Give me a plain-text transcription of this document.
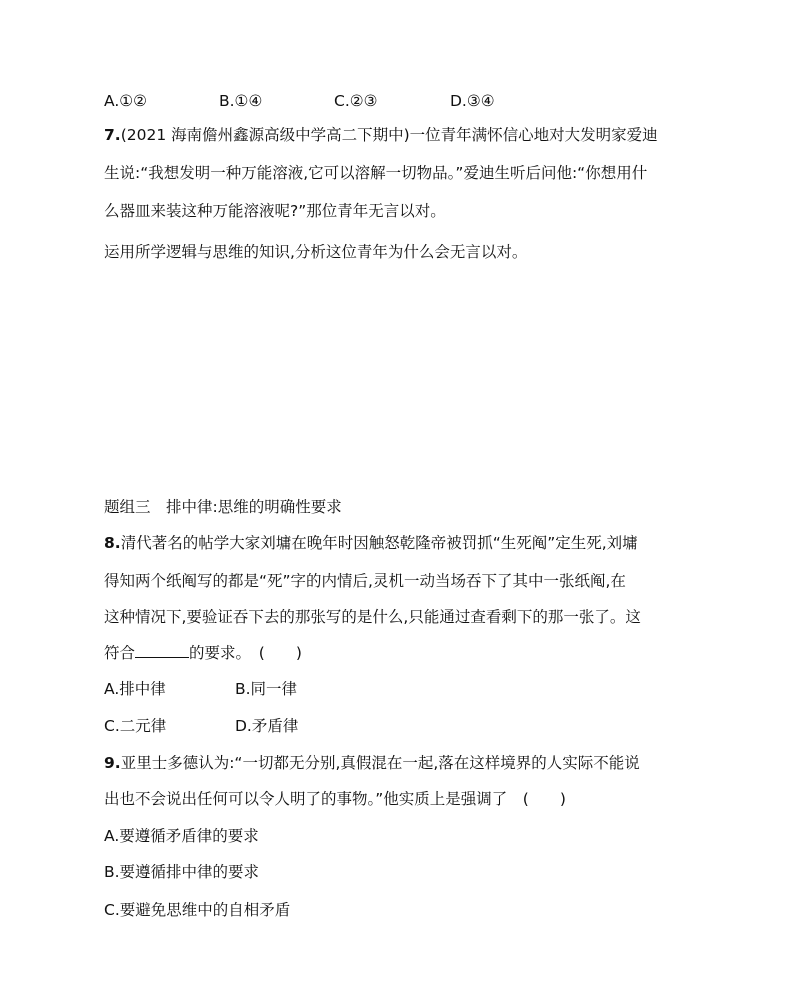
A.①②	B.①④	C.②③	D.③④
7.(2021 海南儋州鑫源高级中学高二下期中)一位青年满怀信心地对大发明家爱迪
生说:“我想发明一种万能溶液,它可以溶解一切物品。”爱迪生听后问他:“你想用什
么器皿来装这种万能溶液呢?”那位青年无言以对。
运用所学逻辑与思维的知识,分析这位青年为什么会无言以对。
题组三　排中律:思维的明确性要求
8.清代著名的帖学大家刘墉在晚年时因触怒乾隆帝被罚抓“生死阄”定生死,刘墉
得知两个纸阄写的都是“死”字的内情后,灵机一动当场吞下了其中一张纸阄,在
这种情况下,要验证吞下去的那张写的是什么,只能通过查看剩下的那一张了。这
符合	的要求。　(　　)
A.排中律	B.同一律
C.二元律	D.矛盾律
9.亚里士多德认为:“一切都无分别,真假混在一起,落在这样境界的人实际不能说
出也不会说出任何可以令人明了的事物。”他实质上是强调了　(　　)
A.要遵循矛盾律的要求
B.要遵循排中律的要求
C.要避免思维中的自相矛盾
